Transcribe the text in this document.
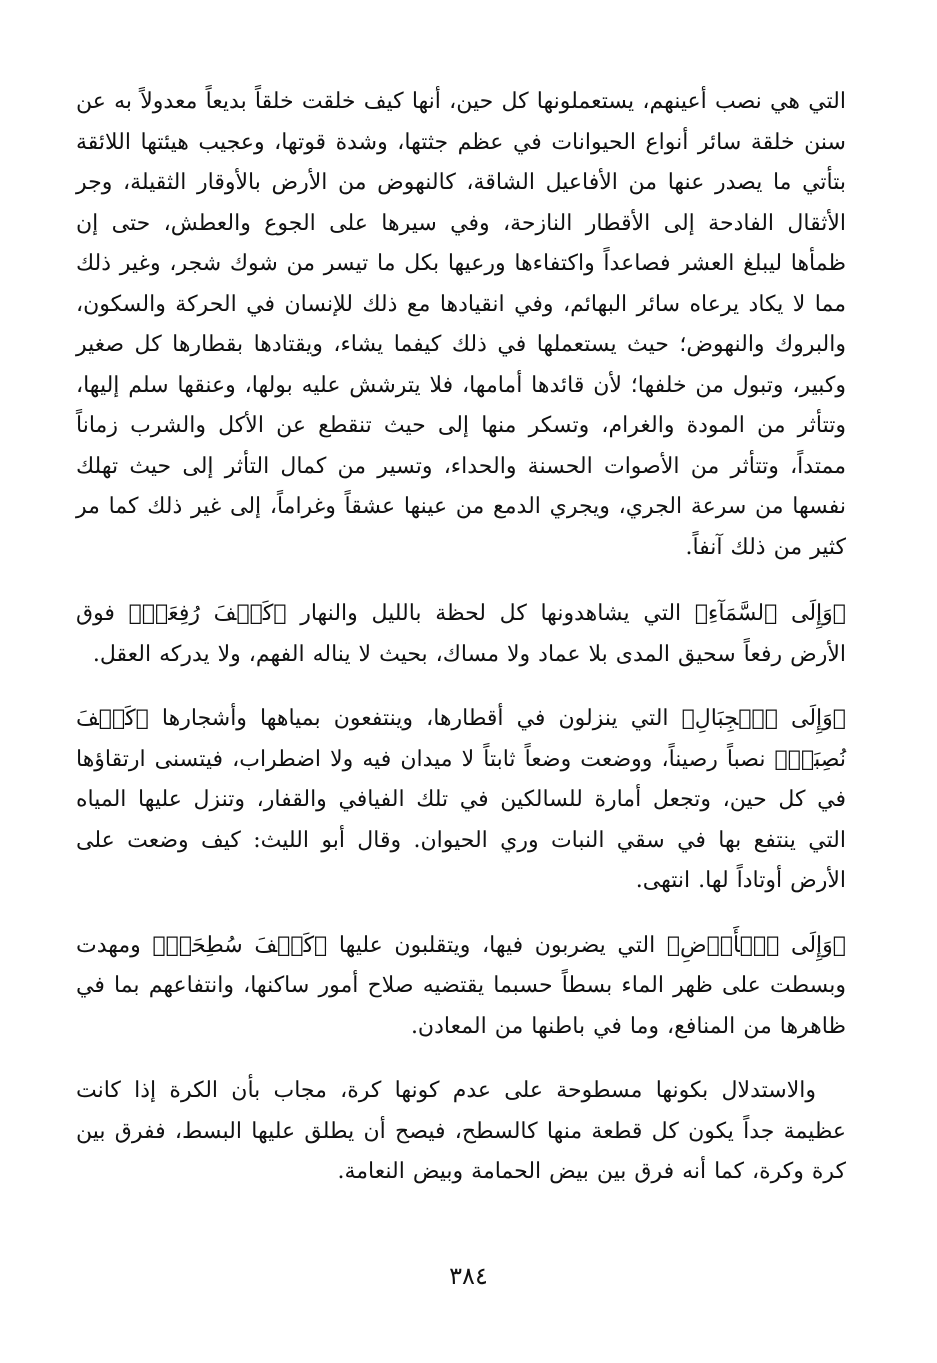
التي هي نصب أعينهم، يستعملونها كل حين، أنها كيف خلقت خلقاً بديعاً معدولاً به عن سنن خلقة سائر أنواع الحيوانات في عظم جثتها، وشدة قوتها، وعجيب هيئتها اللائقة بتأتي ما يصدر عنها من الأفاعيل الشاقة، كالنهوض من الأرض بالأوقار الثقيلة، وجر الأثقال الفادحة إلى الأقطار النازحة، وفي سيرها على الجوع والعطش، حتى إن ظمأها ليبلغ العشر فصاعداً واكتفاءها ورعيها بكل ما تيسر من شوك شجر، وغير ذلك مما لا يكاد يرعاه سائر البهائم، وفي انقيادها مع ذلك للإنسان في الحركة والسكون، والبروك والنهوض؛ حيث يستعملها في ذلك كيفما يشاء، ويقتادها بقطارها كل صغير وكبير، وتبول من خلفها؛ لأن قائدها أمامها، فلا يترشش عليه بولها، وعنقها سلم إليها، وتتأثر من المودة والغرام، وتسكر منها إلى حيث تنقطع عن الأكل والشرب زماناً ممتداً، وتتأثر من الأصوات الحسنة والحداء، وتسير من كمال التأثر إلى حيث تهلك نفسها من سرعة الجري، ويجري الدمع من عينها عشقاً وغراماً، إلى غير ذلك كما مر كثير من ذلك آنفاً.

﴿وَإِلَى ٱلسَّمَآءِ﴾ التي يشاهدونها كل لحظة بالليل والنهار ﴿كَيۡفَ رُفِعَتۡ﴾ فوق الأرض رفعاً سحيق المدى بلا عماد ولا مساك، بحيث لا يناله الفهم، ولا يدركه العقل.

﴿وَإِلَى ٱلۡجِبَالِ﴾ التي ينزلون في أقطارها، وينتفعون بمياهها وأشجارها ﴿كَيۡفَ نُصِبَتۡ﴾ نصباً رصيناً، ووضعت وضعاً ثابتاً لا ميدان فيه ولا اضطراب، فيتسنى ارتقاؤها في كل حين، وتجعل أمارة للسالكين في تلك الفيافي والقفار، وتنزل عليها المياه التي ينتفع بها في سقي النبات وري الحيوان. وقال أبو الليث: كيف وضعت على الأرض أوتاداً لها. انتهى.

﴿وَإِلَى ٱلۡأَرۡضِ﴾ التي يضربون فيها، ويتقلبون عليها ﴿كَيۡفَ سُطِحَتۡ﴾ ومهدت وبسطت على ظهر الماء بسطاً حسبما يقتضيه صلاح أمور ساكنها، وانتفاعهم بما في ظاهرها من المنافع، وما في باطنها من المعادن.

والاستدلال بكونها مسطوحة على عدم كونها كرة، مجاب بأن الكرة إذا كانت عظيمة جداً يكون كل قطعة منها كالسطح، فيصح أن يطلق عليها البسط، ففرق بين كرة وكرة، كما أنه فرق بين بيض الحمامة وبيض النعامة.

٣٨٤
